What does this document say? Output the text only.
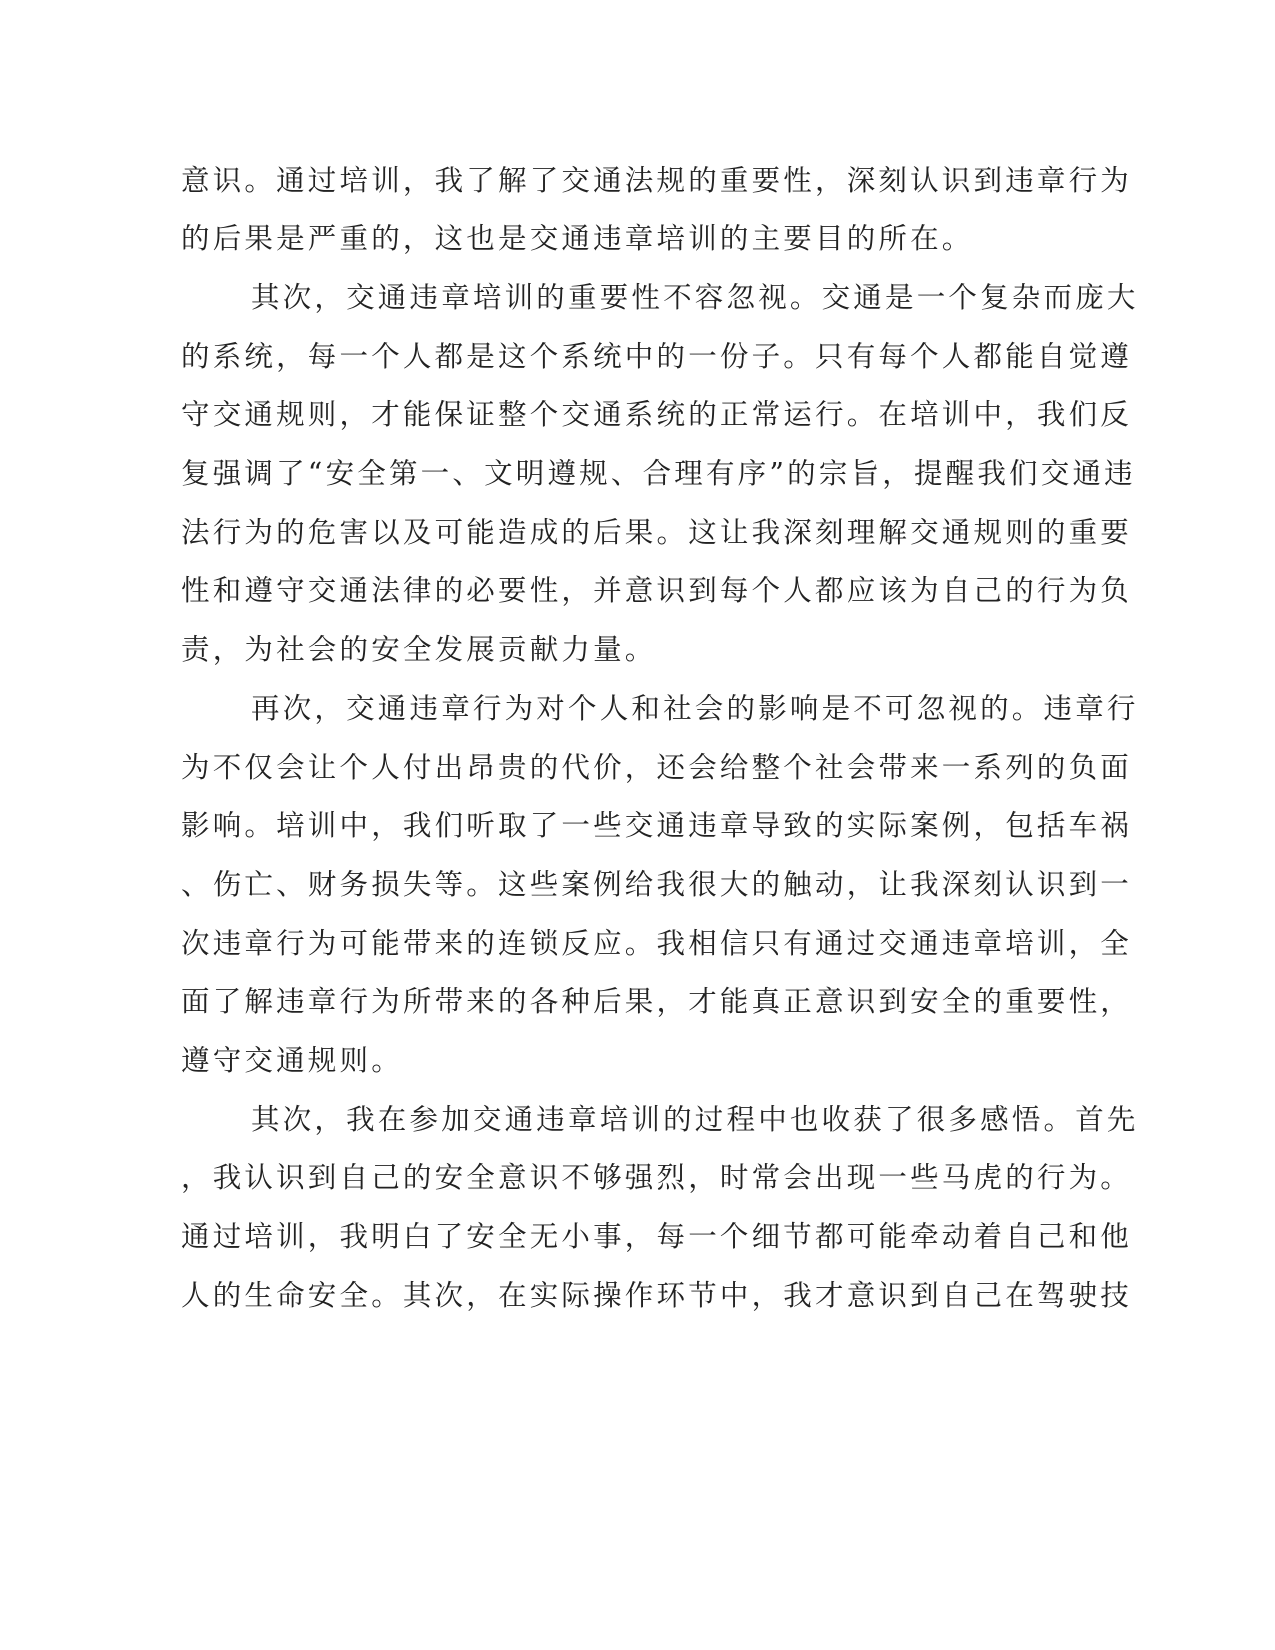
意识。通过培训，我了解了交通法规的重要性，深刻认识到违章行为
的后果是严重的，这也是交通违章培训的主要目的所在。
其次，交通违章培训的重要性不容忽视。交通是一个复杂而庞大
的系统，每一个人都是这个系统中的一份子。只有每个人都能自觉遵
守交通规则，才能保证整个交通系统的正常运行。在培训中，我们反
复强调了“安全第一、文明遵规、合理有序”的宗旨，提醒我们交通违
法行为的危害以及可能造成的后果。这让我深刻理解交通规则的重要
性和遵守交通法律的必要性，并意识到每个人都应该为自己的行为负
责，为社会的安全发展贡献力量。
再次，交通违章行为对个人和社会的影响是不可忽视的。违章行
为不仅会让个人付出昂贵的代价，还会给整个社会带来一系列的负面
影响。培训中，我们听取了一些交通违章导致的实际案例，包括车祸
、伤亡、财务损失等。这些案例给我很大的触动，让我深刻认识到一
次违章行为可能带来的连锁反应。我相信只有通过交通违章培训，全
面了解违章行为所带来的各种后果，才能真正意识到安全的重要性，
遵守交通规则。
其次，我在参加交通违章培训的过程中也收获了很多感悟。首先
，我认识到自己的安全意识不够强烈，时常会出现一些马虎的行为。
通过培训，我明白了安全无小事，每一个细节都可能牵动着自己和他
人的生命安全。其次，在实际操作环节中，我才意识到自己在驾驶技
